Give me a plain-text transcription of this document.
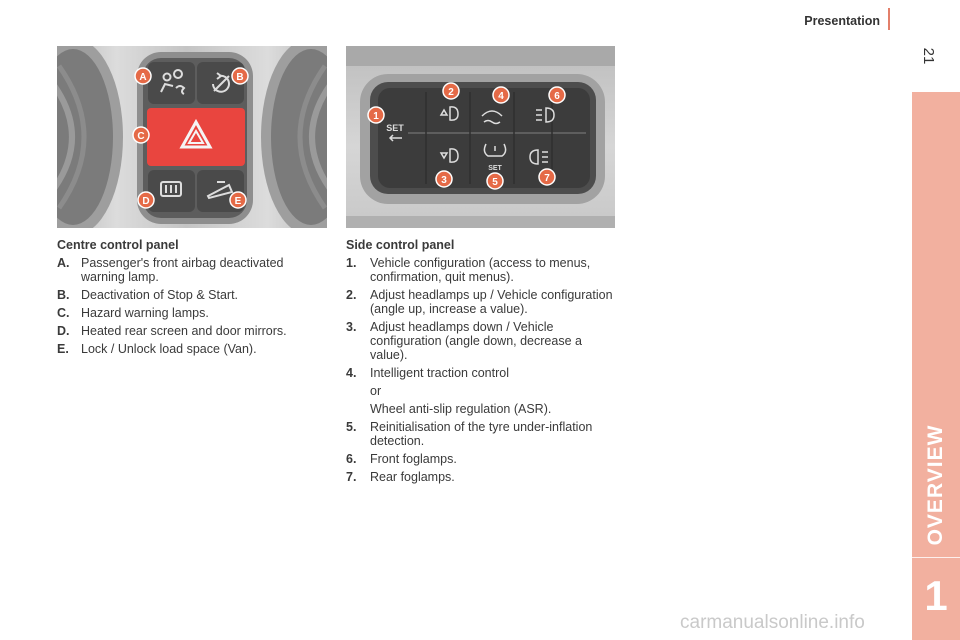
Presentation
21
OVERVIEW
1
A	B
C
D	E
SET
SET
1
2
3
4
5
6
7
Centre control panel
A. Passenger's front airbag deactivated warning lamp.
B. Deactivation of Stop & Start.
C. Hazard warning lamps.
D. Heated rear screen and door mirrors.
E. Lock / Unlock load space (Van).
Side control panel
1.	Vehicle configuration (access to menus, confirmation, quit menus).
2.	Adjust headlamps up / Vehicle configuration (angle up, increase a value).
3.	Adjust headlamps down / Vehicle configuration (angle down, decrease a value).
4.	Intelligent traction control
or
Wheel anti-slip regulation (ASR).
5.	Reinitialisation of the tyre under-inflation detection.
6.	Front foglamps.
7.	Rear foglamps.
carmanualsonline.info
